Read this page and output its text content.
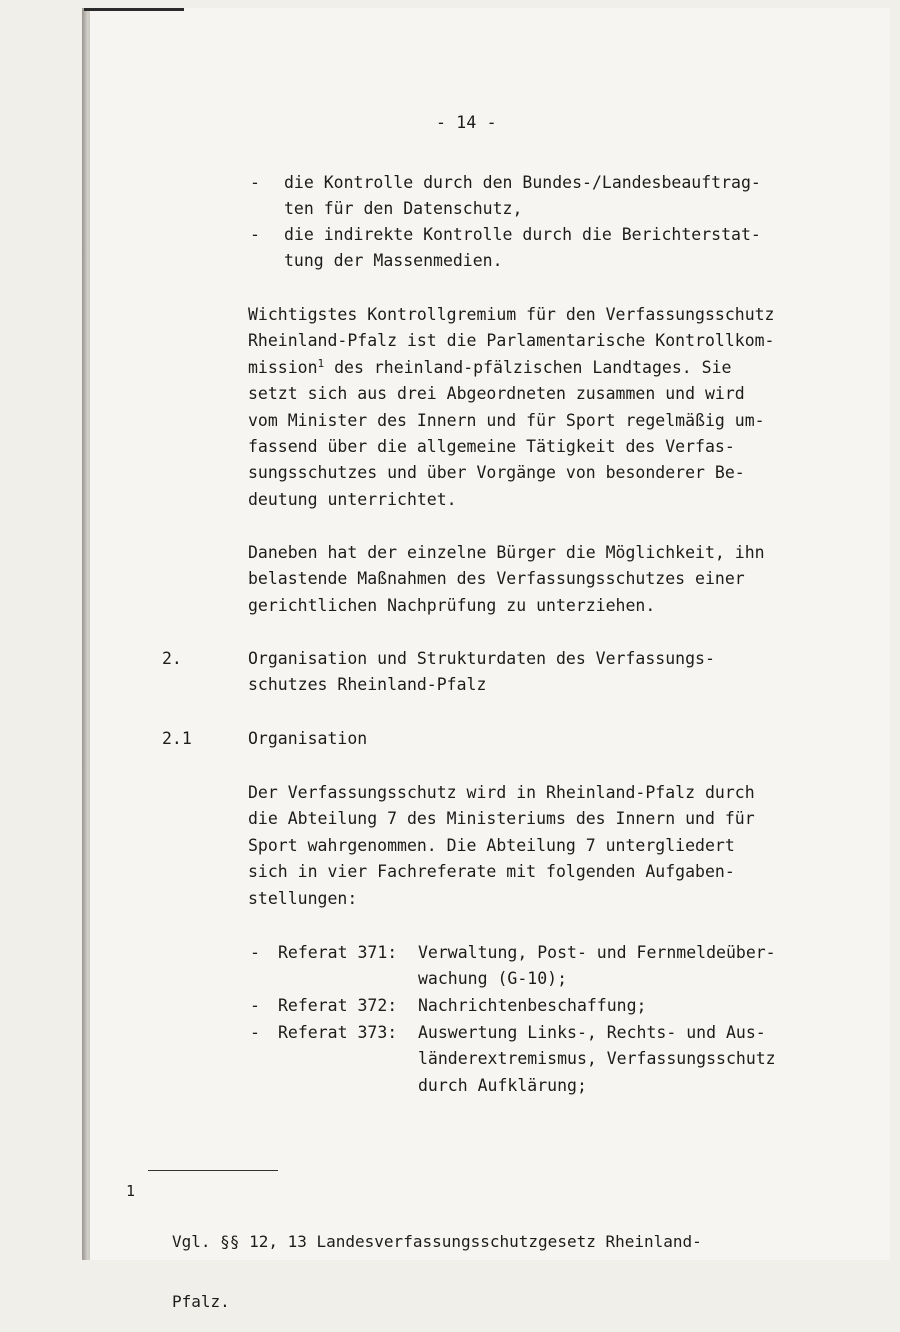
- 14 -
- die Kontrolle durch den Bundes-/Landesbeauftrag-
ten für den Datenschutz,
- die indirekte Kontrolle durch die Berichterstat-
tung der Massenmedien.
Wichtigstes Kontrollgremium für den Verfassungsschutz
Rheinland-Pfalz ist die Parlamentarische Kontrollkom-
mission$^1$ des rheinland-pfälzischen Landtages. Sie
setzt sich aus drei Abgeordneten zusammen und wird
vom Minister des Innern und für Sport regelmäßig um-
fassend über die allgemeine Tätigkeit des Verfas-
sungsschutzes und über Vorgänge von besonderer Be-
deutung unterrichtet.
Daneben hat der einzelne Bürger die Möglichkeit, ihn
belastende Maßnahmen des Verfassungsschutzes einer
gerichtlichen Nachprüfung zu unterziehen.
2.	Organisation und Strukturdaten des Verfassungs-
schutzes Rheinland-Pfalz
2.1	Organisation
Der Verfassungsschutz wird in Rheinland-Pfalz durch
die Abteilung 7 des Ministeriums des Innern und für
Sport wahrgenommen. Die Abteilung 7 untergliedert
sich in vier Fachreferate mit folgenden Aufgaben-
stellungen:
- Referat 371: Verwaltung, Post- und Fernmeldeüber-
wachung (G-10);
- Referat 372: Nachrichtenbeschaffung;
- Referat 373: Auswertung Links-, Rechts- und Aus-
länderextremismus, Verfassungsschutz
durch Aufklärung;
1

Vgl. §§ 12, 13 Landesverfassungsschutzgesetz Rheinland-

Pfalz.
